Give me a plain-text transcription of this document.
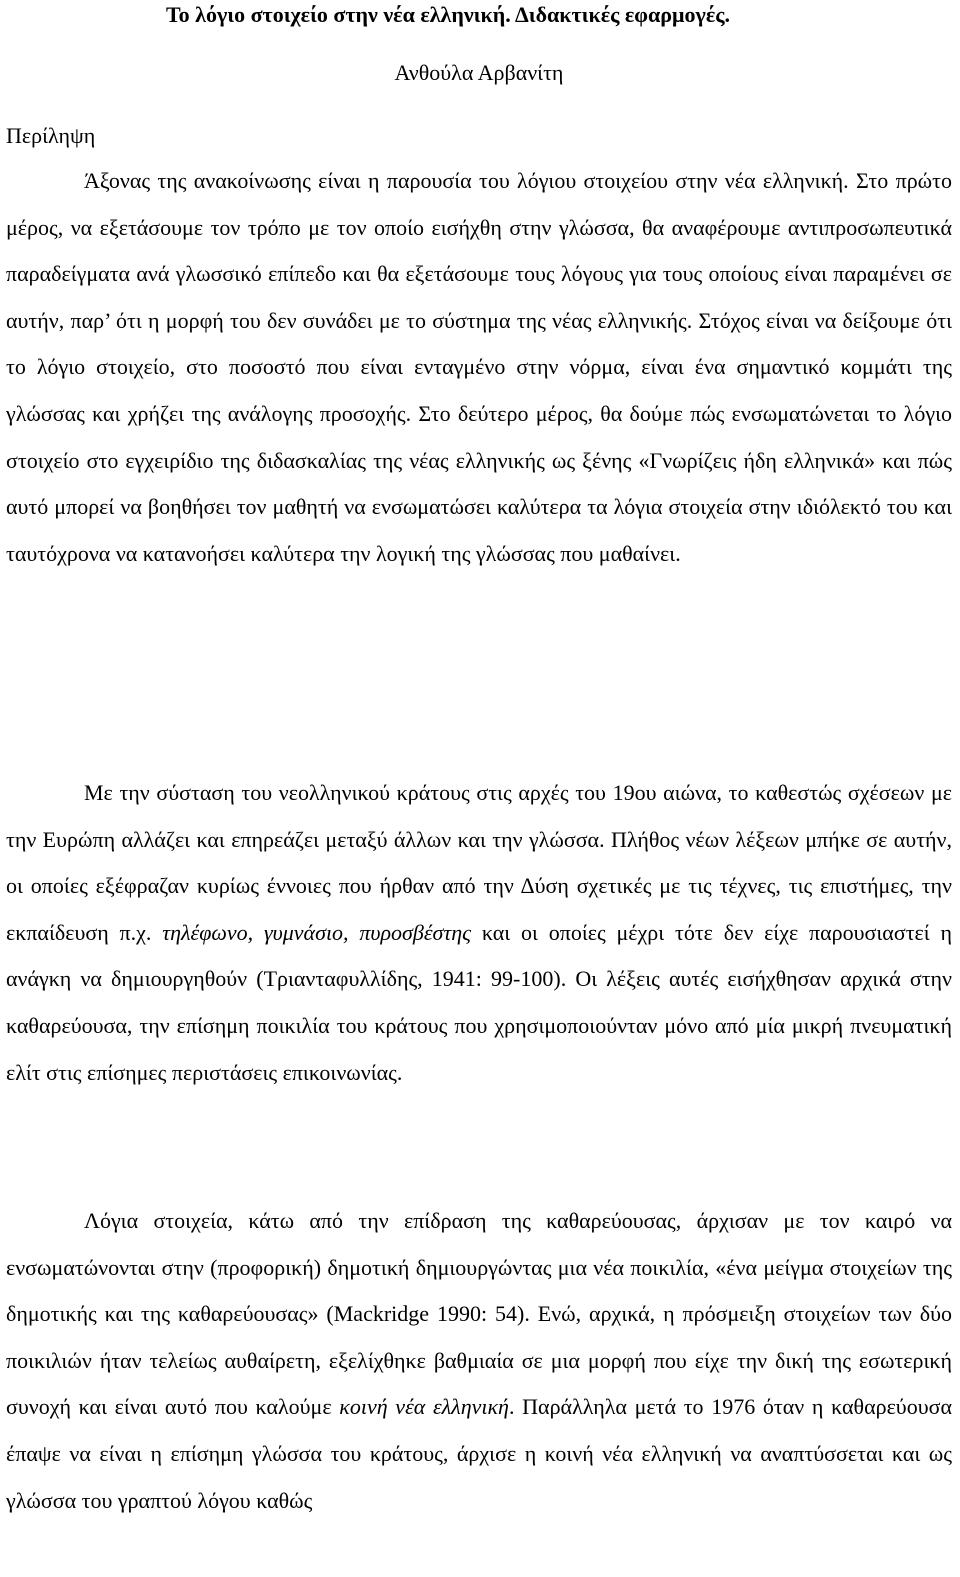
Το λόγιο στοιχείο στην νέα ελληνική. Διδακτικές εφαρμογές.
Ανθούλα Αρβανίτη
Περίληψη

Άξονας της ανακοίνωσης είναι η παρουσία του λόγιου στοιχείου στην νέα ελληνική. Στο πρώτο μέρος, να εξετάσουμε τον τρόπο με τον οποίο εισήχθη στην γλώσσα, θα αναφέρουμε αντιπροσωπευτικά παραδείγματα ανά γλωσσικό επίπεδο και θα εξετάσουμε τους λόγους για τους οποίους είναι παραμένει σε αυτήν, παρ’ ότι η μορφή του δεν συνάδει με το σύστημα της νέας ελληνικής. Στόχος είναι να δείξουμε ότι το λόγιο στοιχείο, στο ποσοστό που είναι ενταγμένο στην νόρμα, είναι ένα σημαντικό κομμάτι της γλώσσας και χρήζει της ανάλογης προσοχής. Στο δεύτερο μέρος, θα δούμε πώς ενσωματώνεται το λόγιο στοιχείο στο εγχειρίδιο της διδασκαλίας της νέας ελληνικής ως ξένης «Γνωρίζεις ήδη ελληνικά» και πώς αυτό μπορεί να βοηθήσει τον μαθητή να ενσωματώσει καλύτερα τα λόγια στοιχεία στην ιδιόλεκτό του και ταυτόχρονα να κατανοήσει καλύτερα την λογική της γλώσσας που μαθαίνει.

Με την σύσταση του νεολληνικού κράτους στις αρχές του 19ου αιώνα, το καθεστώς σχέσεων με την Ευρώπη αλλάζει και επηρεάζει μεταξύ άλλων και την γλώσσα. Πλήθος νέων λέξεων μπήκε σε αυτήν, οι οποίες εξέφραζαν κυρίως έννοιες που ήρθαν από την Δύση σχετικές με τις τέχνες, τις επιστήμες, την εκπαίδευση π.χ. τηλέφωνο, γυμνάσιο, πυροσβέστης και οι οποίες μέχρι τότε δεν είχε παρουσιαστεί η ανάγκη να δημιουργηθούν (Τριανταφυλλίδης, 1941: 99-100). Οι λέξεις αυτές εισήχθησαν αρχικά στην καθαρεύουσα, την επίσημη ποικιλία του κράτους που χρησιμοποιούνταν μόνο από μία μικρή πνευματική ελίτ στις επίσημες περιστάσεις επικοινωνίας.

Λόγια στοιχεία, κάτω από την επίδραση της καθαρεύουσας, άρχισαν με τον καιρό να ενσωματώνονται στην (προφορική) δημοτική δημιουργώντας μια νέα ποικιλία, «ένα μείγμα στοιχείων της δημοτικής και της καθαρεύουσας» (Mackridge 1990: 54). Ενώ, αρχικά, η πρόσμειξη στοιχείων των δύο ποικιλιών ήταν τελείως αυθαίρετη, εξελίχθηκε βαθμιαία σε μια μορφή που είχε την δική της εσωτερική συνοχή και είναι αυτό που καλούμε κοινή νέα ελληνική. Παράλληλα μετά το 1976 όταν η καθαρεύουσα έπαψε να είναι η επίσημη γλώσσα του κράτους, άρχισε η κοινή νέα ελληνική να αναπτύσσεται και ως γλώσσα του γραπτού λόγου καθώς
